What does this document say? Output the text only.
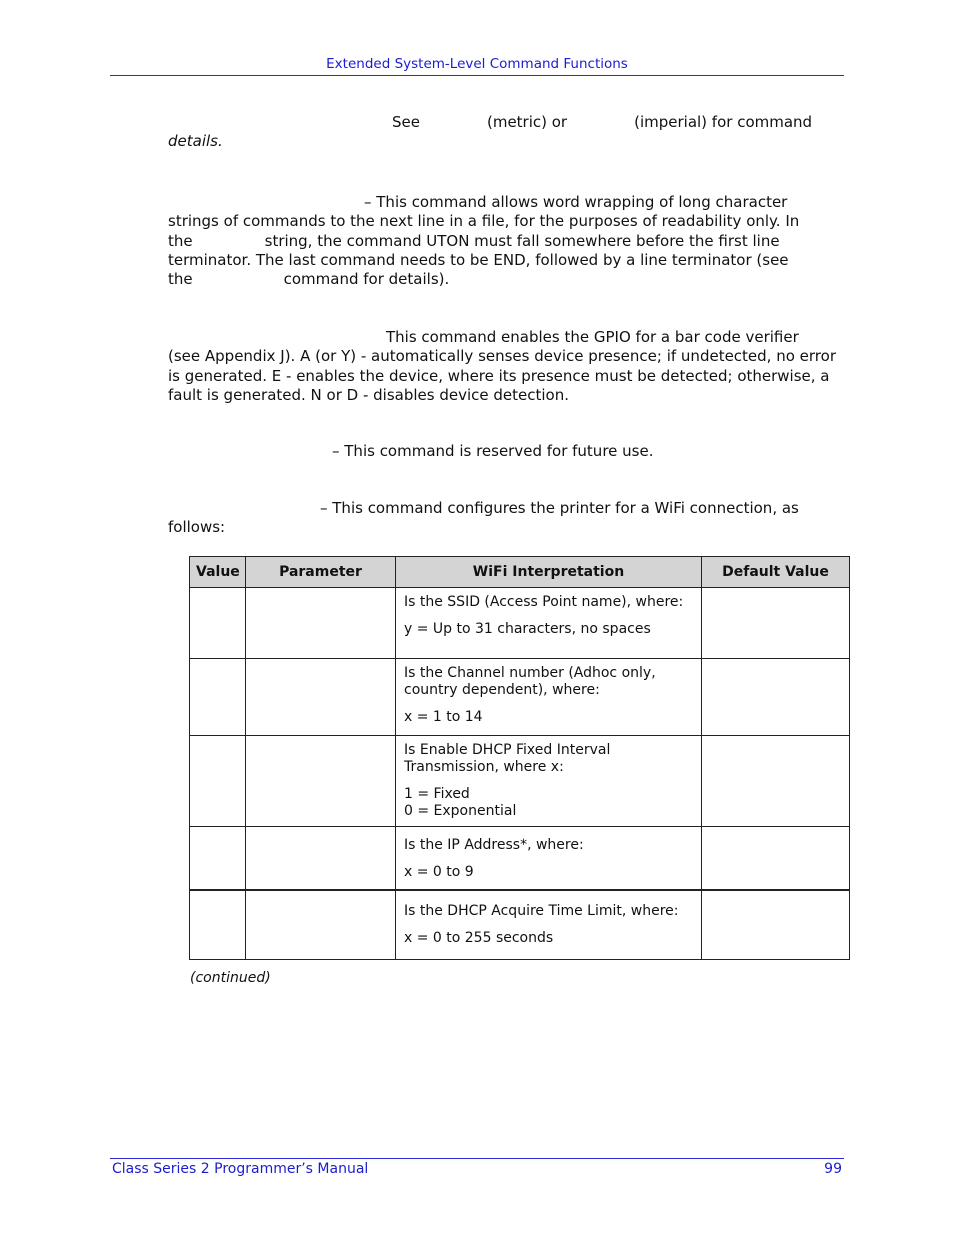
Extended System-Level Command Functions

See	(metric) or	(imperial) for command
details.

– This command allows word wrapping of long character
strings of commands to the next line in a file, for the purposes of readability only. In
the	string, the command UTON must fall somewhere before the first line
terminator. The last command needs to be END, followed by a line terminator (see
the	command for details).

This command enables the GPIO for a bar code verifier
(see Appendix J). A (or Y) - automatically senses device presence; if undetected, no error is generated. E - enables the device, where its presence must be detected; otherwise, a fault is generated. N or D - disables device detection.

– This command is reserved for future use.

– This command configures the printer for a WiFi connection, as
follows:

Value	Parameter	WiFi Interpretation	Default Value

		Is the SSID (Access Point name), where:

y = Up to 31 characters, no spaces	

		Is the Channel number (Adhoc only, country dependent), where:

x = 1 to 14	

		Is Enable DHCP Fixed Interval Transmission, where x:

1 = Fixed
0 = Exponential	

		Is the IP Address*, where:

x = 0 to 9	

		Is the DHCP Acquire Time Limit, where:

x = 0 to 255 seconds	

(continued)
Class Series 2 Programmer’s Manual	99
